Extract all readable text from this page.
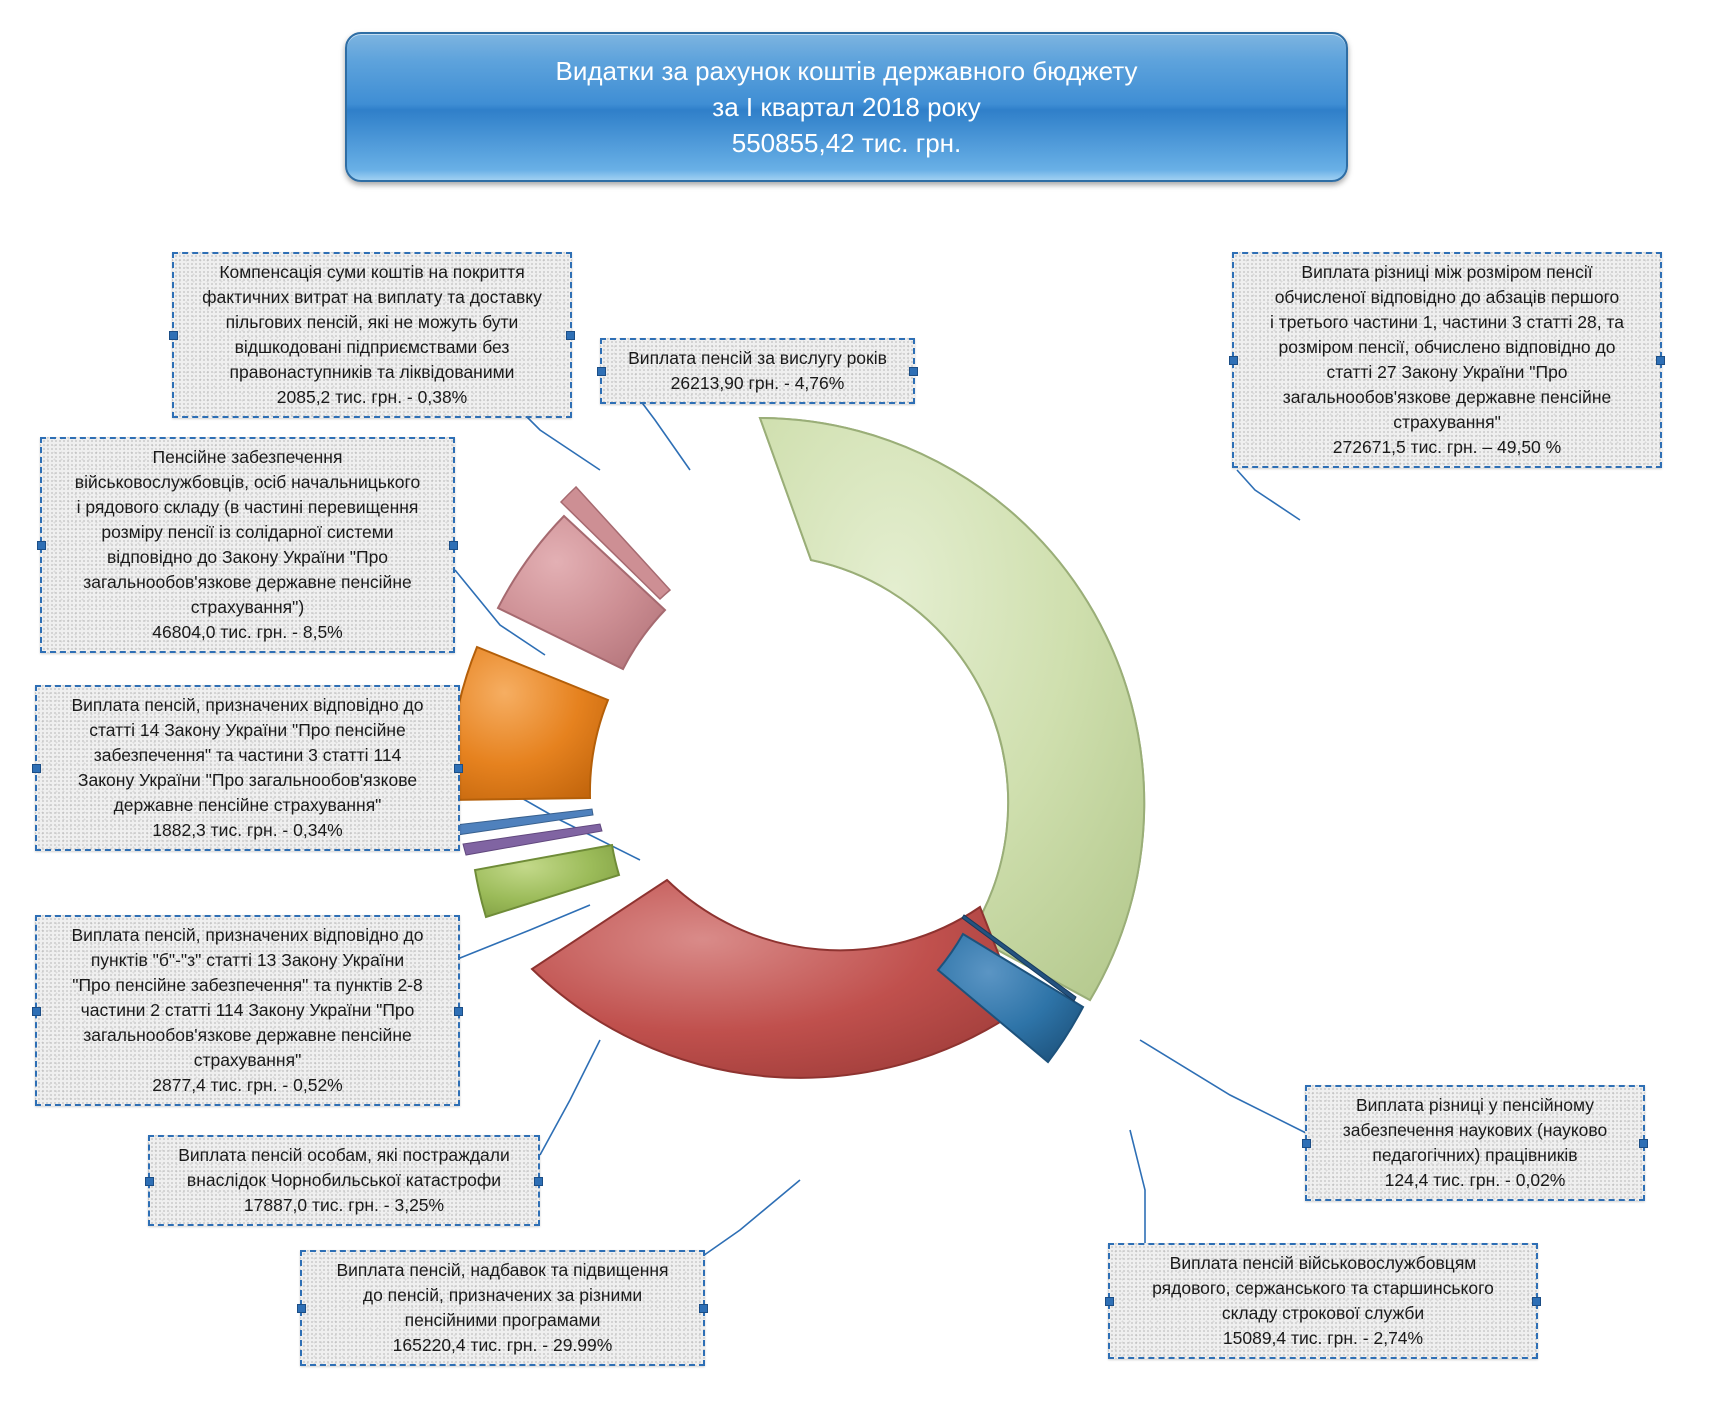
Видатки за рахунок коштів державного бюджету
за I квартал 2018 року
550855,42 тис. грн.
Компенсація суми коштів на покриття
фактичних витрат на виплату та доставку
пільгових пенсій, які не можуть бути
відшкодовані підприємствами без
правонаступників та ліквідованими
2085,2 тис. грн. - 0,38%
Виплата пенсій за вислугу років
26213,90 грн. - 4,76%
Виплата різниці між розміром пенсії
обчисленої відповідно до абзаців першого
і третього частини 1, частини 3 статті 28, та
розміром пенсії, обчислено відповідно до
статті 27 Закону України "Про
загальнообов'язкове державне пенсійне
страхування"
272671,5 тис. грн. – 49,50 %
Пенсійне забезпечення
військовослужбовців, осіб начальницького
і рядового складу (в частині перевищення
розміру пенсії із солідарної системи
відповідно до Закону України "Про
загальнообов'язкове державне пенсійне
страхування")
46804,0 тис. грн. - 8,5%
Виплата пенсій, призначених відповідно до
статті 14 Закону України "Про пенсійне
забезпечення" та частини 3 статті 114
Закону України "Про загальнообов'язкове
державне пенсійне страхування"
1882,3 тис. грн. - 0,34%
Виплата пенсій, призначених відповідно до
пунктів "б"-"з" статті 13 Закону України
"Про пенсійне забезпечення" та пунктів 2-8
частини 2 статті 114 Закону України "Про
загальнообов'язкове державне пенсійне
страхування"
2877,4 тис. грн. - 0,52%
Виплата пенсій особам, які постраждали
внаслідок Чорнобильської катастрофи
17887,0 тис. грн. - 3,25%
Виплата пенсій, надбавок та підвищення
до пенсій, призначених за різними
пенсійними програмами
165220,4 тис. грн. - 29.99%
Виплата різниці у пенсійному
забезпечення наукових (науково
педагогічних) працівників
124,4 тис. грн. - 0,02%
Виплата пенсій військовослужбовцям
рядового, сержанського та старшинського
складу строкової служби
15089,4 тис. грн. - 2,74%
